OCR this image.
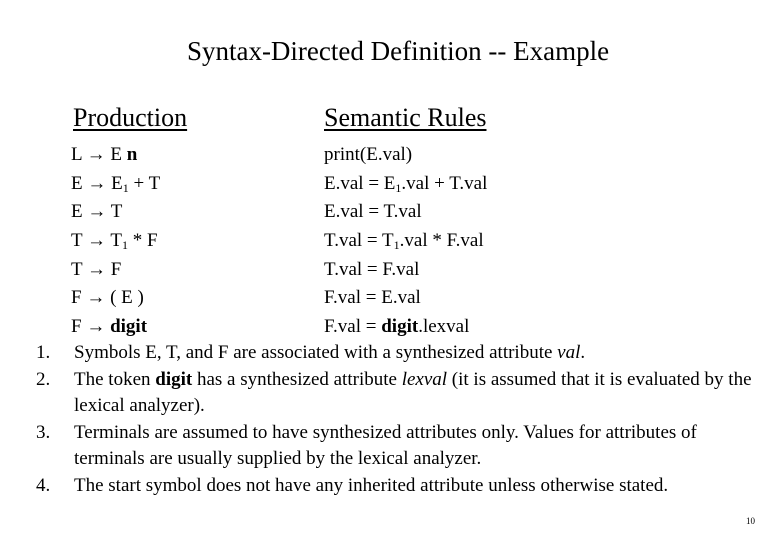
Syntax-Directed Definition -- Example
Production	Semantic Rules
L → E n	print(E.val)
$E \to E_1 + T$	$E.val = E_1.val + T.val$
E → T	E.val = T.val
$T \to T_1 * F$	$T.val = T_1.val * F.val$
T → F	T.val = F.val
F → ( E )	F.val = E.val
F → digit	F.val = digit.lexval
1.	Symbols E, T, and F are associated with a synthesized attribute val.
2.	The token digit has a synthesized attribute lexval (it is assumed that it is evaluated by the lexical analyzer).
3.	Terminals are assumed to have synthesized attributes only. Values for attributes of terminals are usually supplied by the lexical analyzer.
4.	The start symbol does not have any inherited attribute unless otherwise stated.
10
